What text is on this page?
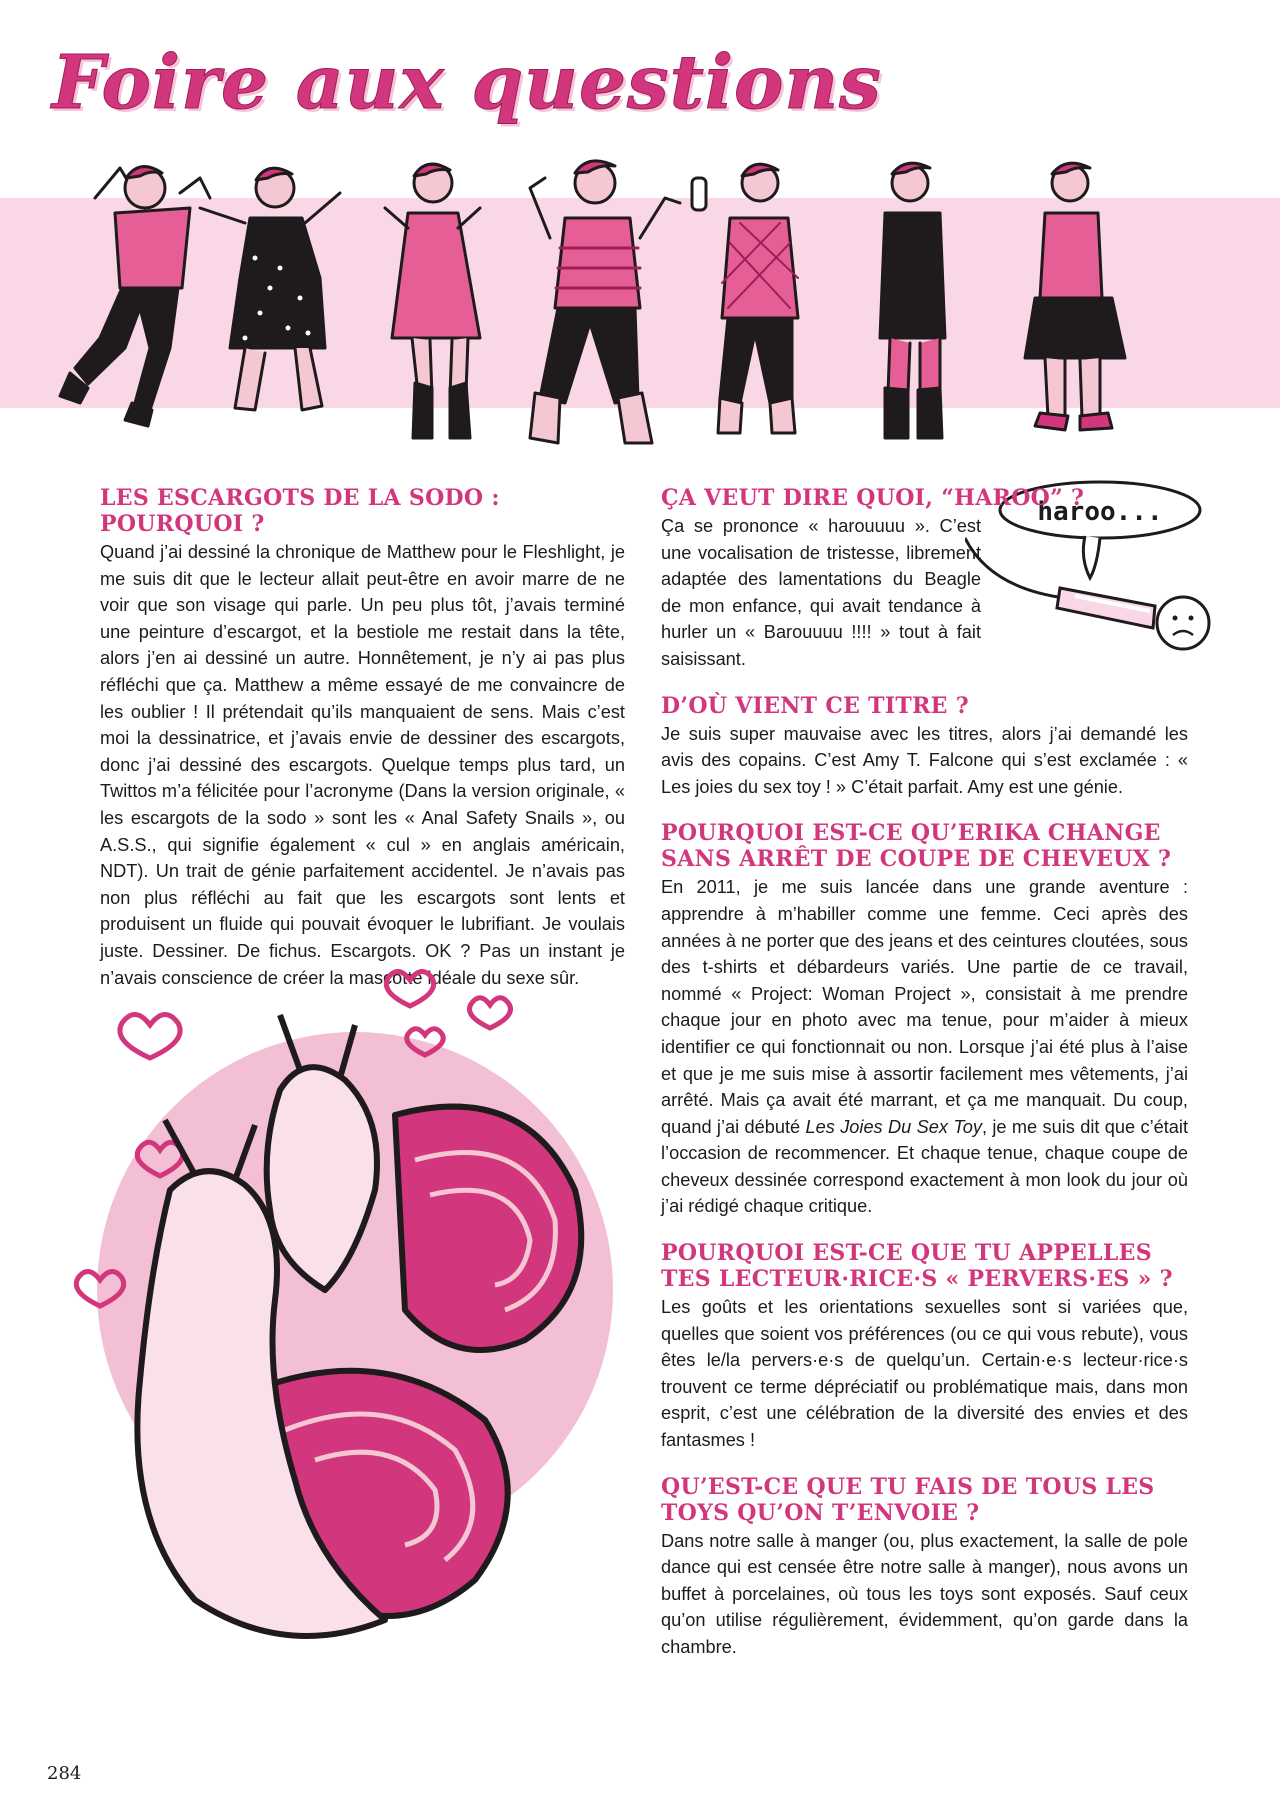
Foire aux questions
LES ESCARGOTS DE LA SODO : POURQUOI ?

Quand j’ai dessiné la chronique de Matthew pour le Fleshlight, je me suis dit que le lecteur allait peut-être en avoir marre de ne voir que son visage qui parle. Un peu plus tôt, j’avais terminé une peinture d’escargot, et la bestiole me restait dans la tête, alors j’en ai dessiné un autre. Honnêtement, je n’y ai pas plus réfléchi que ça. Matthew a même essayé de me convaincre de les oublier ! Il prétendait qu’ils manquaient de sens. Mais c’est moi la dessinatrice, et j’avais envie de dessiner des escargots, donc j’ai dessiné des escargots. Quelque temps plus tard, un Twittos m’a félicitée pour l’acronyme (Dans la version originale, « les escargots de la sodo » sont les « Anal Safety Snails », ou A.S.S., qui signifie également « cul » en anglais américain, NDT). Un trait de génie parfaitement accidentel. Je n’avais pas non plus réfléchi au fait que les escargots sont lents et produisent un fluide qui pouvait évoquer le lubrifiant. Je voulais juste. Dessiner. De fichus. Escargots. OK ? Pas un instant je n’avais conscience de créer la mascotte idéale du sexe sûr.

haroo...
ÇA VEUT DIRE QUOI, “HAROO” ?

Ça se prononce « harouuuu ». C’est une vocalisation de tristesse, librement adaptée des lamentations du Beagle de mon enfance, qui avait tendance à hurler un « Barouuuu !!!! » tout à fait saisissant.

D’OÙ VIENT CE TITRE ?

Je suis super mauvaise avec les titres, alors j’ai demandé les avis des copains. C’est Amy T. Falcone qui s’est exclamée : « Les joies du sex toy ! » C’était parfait. Amy est une génie.

POURQUOI EST-CE QU’ERIKA CHANGE SANS ARRÊT DE COUPE DE CHEVEUX ?

En 2011, je me suis lancée dans une grande aventure : apprendre à m’habiller comme une femme. Ceci après des années à ne porter que des jeans et des ceintures cloutées, sous des t-shirts et débardeurs variés. Une partie de ce travail, nommé « Project: Woman Project », consistait à me prendre chaque jour en photo avec ma tenue, pour m’aider à mieux identifier ce qui fonctionnait ou non. Lorsque j’ai été plus à l’aise et que je me suis mise à assortir facilement mes vêtements, j’ai arrêté. Mais ça avait été marrant, et ça me manquait. Du coup, quand j’ai débuté Les Joies Du Sex Toy, je me suis dit que c’était l’occasion de recommencer. Et chaque tenue, chaque coupe de cheveux dessinée correspond exactement à mon look du jour où j’ai rédigé chaque critique.

POURQUOI EST-CE QUE TU APPELLES TES LECTEUR·RICE·S « PERVERS·ES » ?

Les goûts et les orientations sexuelles sont si variées que, quelles que soient vos préférences (ou ce qui vous rebute), vous êtes le/la pervers·e·s de quelqu’un. Certain·e·s lecteur·rice·s trouvent ce terme dépréciatif ou problématique mais, dans mon esprit, c’est une célébration de la diversité des envies et des fantasmes !

QU’EST-CE QUE TU FAIS DE TOUS LES TOYS QU’ON T’ENVOIE ?

Dans notre salle à manger (ou, plus exactement, la salle de pole dance qui est censée être notre salle à manger), nous avons un buffet à porcelaines, où tous les toys sont exposés. Sauf ceux qu’on utilise régulièrement, évidemment, qu’on garde dans la chambre.

284
